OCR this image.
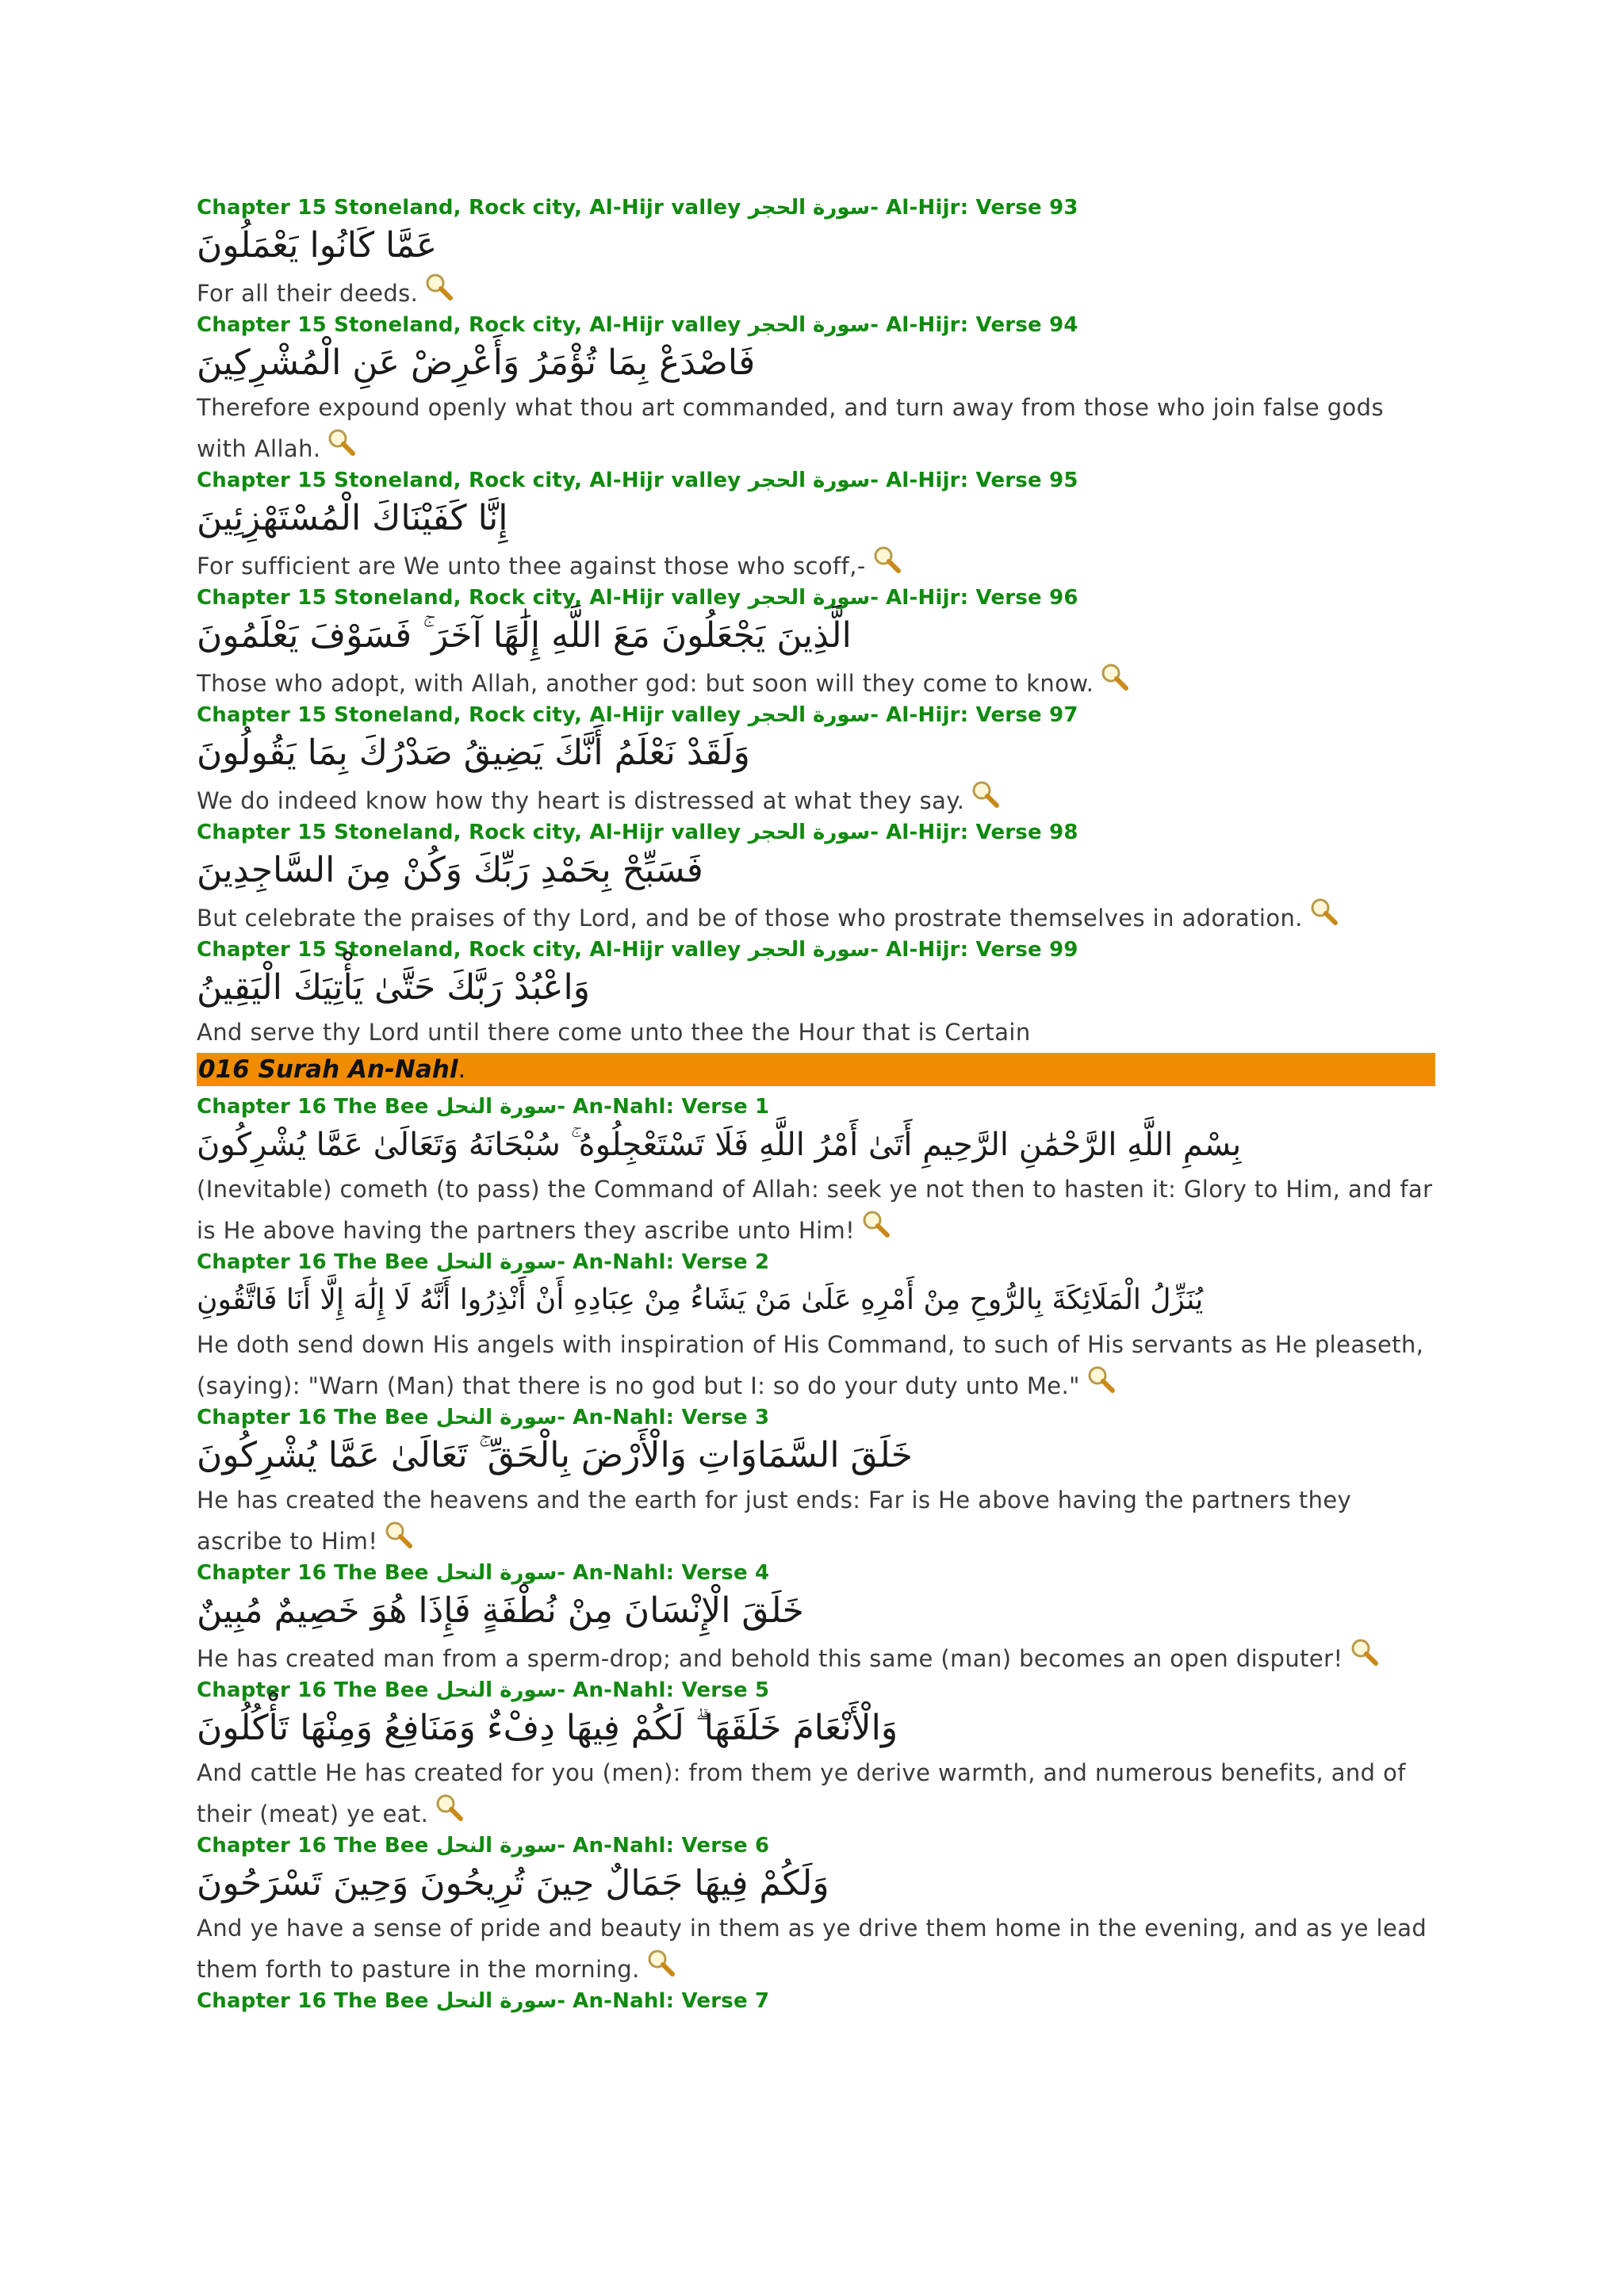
Chapter 15 Stoneland, Rock city, Al-Hijr valley سورة الحجر- Al-Hijr: Verse 93
عَمَّا كَانُوا يَعْمَلُونَ
For all their deeds.
Chapter 15 Stoneland, Rock city, Al-Hijr valley سورة الحجر- Al-Hijr: Verse 94
فَاصْدَعْ بِمَا تُؤْمَرُ وَأَعْرِضْ عَنِ الْمُشْرِكِينَ
Therefore expound openly what thou art commanded, and turn away from those who join false gods with Allah.
Chapter 15 Stoneland, Rock city, Al-Hijr valley سورة الحجر- Al-Hijr: Verse 95
إِنَّا كَفَيْنَاكَ الْمُسْتَهْزِئِينَ
For sufficient are We unto thee against those who scoff,-
Chapter 15 Stoneland, Rock city, Al-Hijr valley سورة الحجر- Al-Hijr: Verse 96
الَّذِينَ يَجْعَلُونَ مَعَ اللَّهِ إِلَٰهًا آخَرَ ۚ فَسَوْفَ يَعْلَمُونَ
Those who adopt, with Allah, another god: but soon will they come to know.
Chapter 15 Stoneland, Rock city, Al-Hijr valley سورة الحجر- Al-Hijr: Verse 97
وَلَقَدْ نَعْلَمُ أَنَّكَ يَضِيقُ صَدْرُكَ بِمَا يَقُولُونَ
We do indeed know how thy heart is distressed at what they say.
Chapter 15 Stoneland, Rock city, Al-Hijr valley سورة الحجر- Al-Hijr: Verse 98
فَسَبِّحْ بِحَمْدِ رَبِّكَ وَكُنْ مِنَ السَّاجِدِينَ
But celebrate the praises of thy Lord, and be of those who prostrate themselves in adoration.
Chapter 15 Stoneland, Rock city, Al-Hijr valley سورة الحجر- Al-Hijr: Verse 99
وَاعْبُدْ رَبَّكَ حَتَّىٰ يَأْتِيَكَ الْيَقِينُ
And serve thy Lord until there come unto thee the Hour that is Certain
016 Surah An-Nahl.
Chapter 16 The Bee سورة النحل- An-Nahl: Verse 1
بِسْمِ اللَّهِ الرَّحْمَٰنِ الرَّحِيمِ أَتَىٰ أَمْرُ اللَّهِ فَلَا تَسْتَعْجِلُوهُ ۚ سُبْحَانَهُ وَتَعَالَىٰ عَمَّا يُشْرِكُونَ
(Inevitable) cometh (to pass) the Command of Allah: seek ye not then to hasten it: Glory to Him, and far is He above having the partners they ascribe unto Him!
Chapter 16 The Bee سورة النحل- An-Nahl: Verse 2
يُنَزِّلُ الْمَلَائِكَةَ بِالرُّوحِ مِنْ أَمْرِهِ عَلَىٰ مَنْ يَشَاءُ مِنْ عِبَادِهِ أَنْ أَنْذِرُوا أَنَّهُ لَا إِلَٰهَ إِلَّا أَنَا فَاتَّقُونِ
He doth send down His angels with inspiration of His Command, to such of His servants as He pleaseth, (saying): "Warn (Man) that there is no god but I: so do your duty unto Me."
Chapter 16 The Bee سورة النحل- An-Nahl: Verse 3
خَلَقَ السَّمَاوَاتِ وَالْأَرْضَ بِالْحَقِّ ۚ تَعَالَىٰ عَمَّا يُشْرِكُونَ
He has created the heavens and the earth for just ends: Far is He above having the partners they ascribe to Him!
Chapter 16 The Bee سورة النحل- An-Nahl: Verse 4
خَلَقَ الْإِنْسَانَ مِنْ نُطْفَةٍ فَإِذَا هُوَ خَصِيمٌ مُبِينٌ
He has created man from a sperm-drop; and behold this same (man) becomes an open disputer!
Chapter 16 The Bee سورة النحل- An-Nahl: Verse 5
وَالْأَنْعَامَ خَلَقَهَا ۗ لَكُمْ فِيهَا دِفْءٌ وَمَنَافِعُ وَمِنْهَا تَأْكُلُونَ
And cattle He has created for you (men): from them ye derive warmth, and numerous benefits, and of their (meat) ye eat.
Chapter 16 The Bee سورة النحل- An-Nahl: Verse 6
وَلَكُمْ فِيهَا جَمَالٌ حِينَ تُرِيحُونَ وَحِينَ تَسْرَحُونَ
And ye have a sense of pride and beauty in them as ye drive them home in the evening, and as ye lead them forth to pasture in the morning.
Chapter 16 The Bee سورة النحل- An-Nahl: Verse 7
